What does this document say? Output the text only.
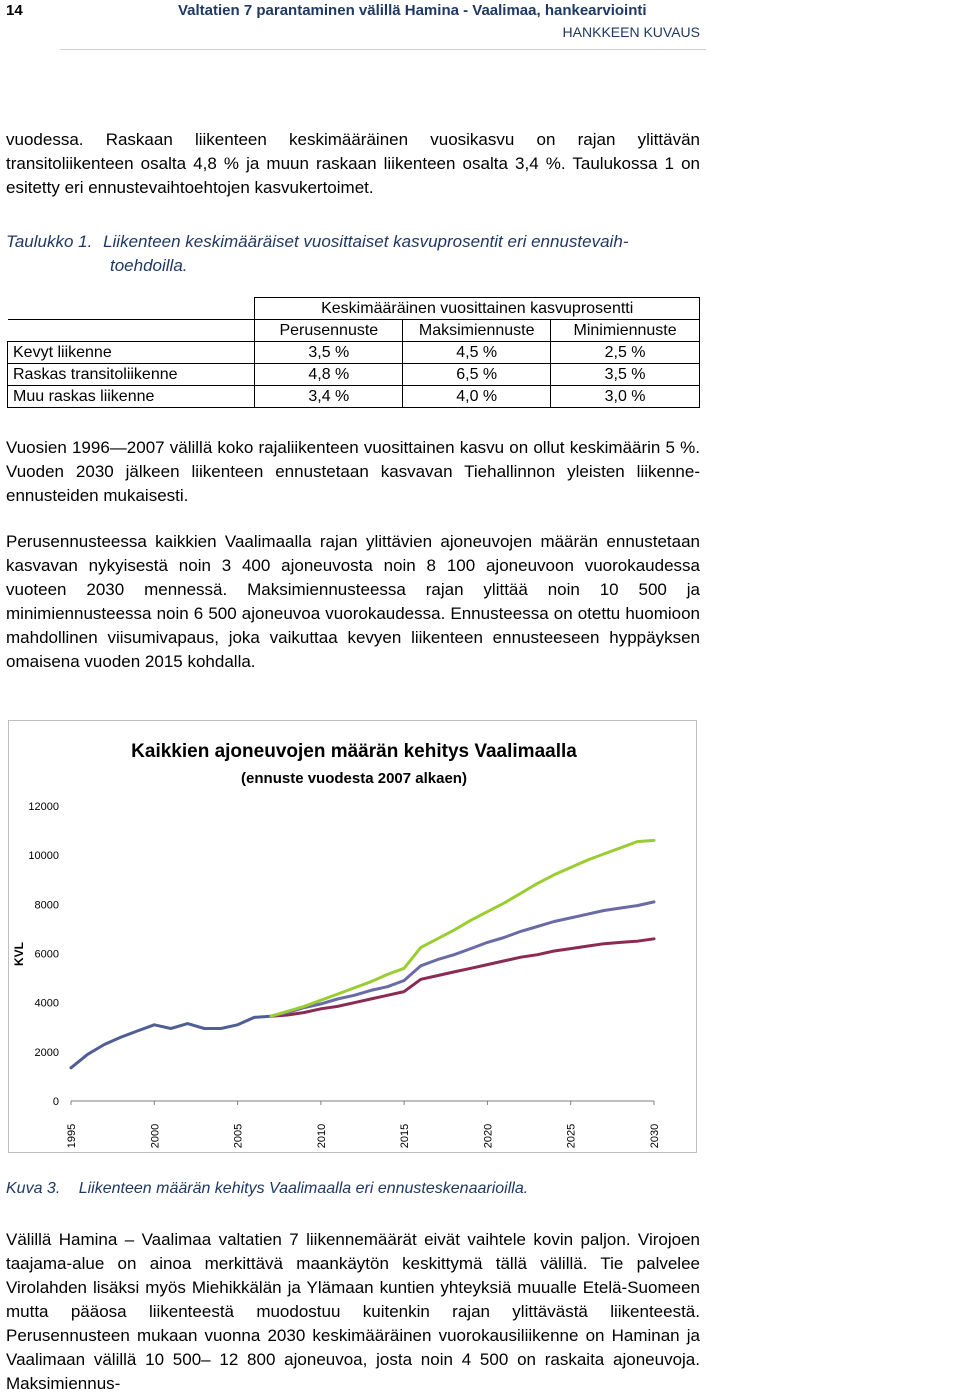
14	Valtatien 7 parantaminen välillä Hamina - Vaalimaa, hankearviointi
HANKKEEN KUVAUS
vuodessa. Raskaan liikenteen keskimääräinen vuosikasvu on rajan ylittävän transitoliikenteen osalta 4,8 % ja muun raskaan liikenteen osalta 3,4 %. Taulukossa 1 on esitetty eri ennustevaihtoehtojen kasvukertoimet.
Taulukko 1. Liikenteen keskimääräiset vuosittaiset kasvuprosentit eri ennustevaih-
toehdoilla.
	Keskimääräinen vuosittainen kasvuprosentti		
	Perusennuste	Maksimiennuste	Minimiennuste
Kevyt liikenne	3,5 %	4,5 %	2,5 %
Raskas transitoliikenne	4,8 %	6,5 %	3,5 %
Muu raskas liikenne	3,4 %	4,0 %	3,0 %
Vuosien 1996—2007 välillä koko rajaliikenteen vuosittainen kasvu on ollut keskimäärin 5 %. Vuoden 2030 jälkeen liikenteen ennustetaan kasvavan Tiehallinnon yleisten liikenne-ennusteiden mukaisesti.
Perusennusteessa kaikkien Vaalimaalla rajan ylittävien ajoneuvojen määrän ennustetaan kasvavan nykyisestä noin 3 400 ajoneuvosta noin 8 100 ajoneuvoon vuorokaudessa vuoteen 2030 mennessä. Maksimiennusteessa rajan ylittää noin 10 500 ja minimiennusteessa noin 6 500 ajoneuvoa vuorokaudessa. Ennusteessa on otettu huomioon mahdollinen viisumivapaus, joka vaikuttaa kevyen liikenteen ennusteeseen hyppäyksen omaisena vuoden 2015 kohdalla.
Kaikkien ajoneuvojen määrän kehitys Vaalimaalla
(ennuste vuodesta 2007 alkaen)
KVL
0
2000
4000
6000
8000
10000
12000
1995	2000	2005	2010	2015	2020	2025	2030
Kuva 3. Liikenteen määrän kehitys Vaalimaalla eri ennusteskenaarioilla.
Välillä Hamina – Vaalimaa valtatien 7 liikennemäärät eivät vaihtele kovin paljon. Virojoen taajama-alue on ainoa merkittävä maankäytön keskittymä tällä välillä. Tie palvelee Virolahden lisäksi myös Miehikkälän ja Ylämaan kuntien yhteyksiä muualle Etelä-Suomeen mutta pääosa liikenteestä muodostuu kuitenkin rajan ylittävästä liikenteestä. Perusennusteen mukaan vuonna 2030 keskimääräinen vuorokausiliikenne on Haminan ja Vaalimaan välillä 10 500– 12 800 ajoneuvoa, josta noin 4 500 on raskaita ajoneuvoja. Maksimiennus-
